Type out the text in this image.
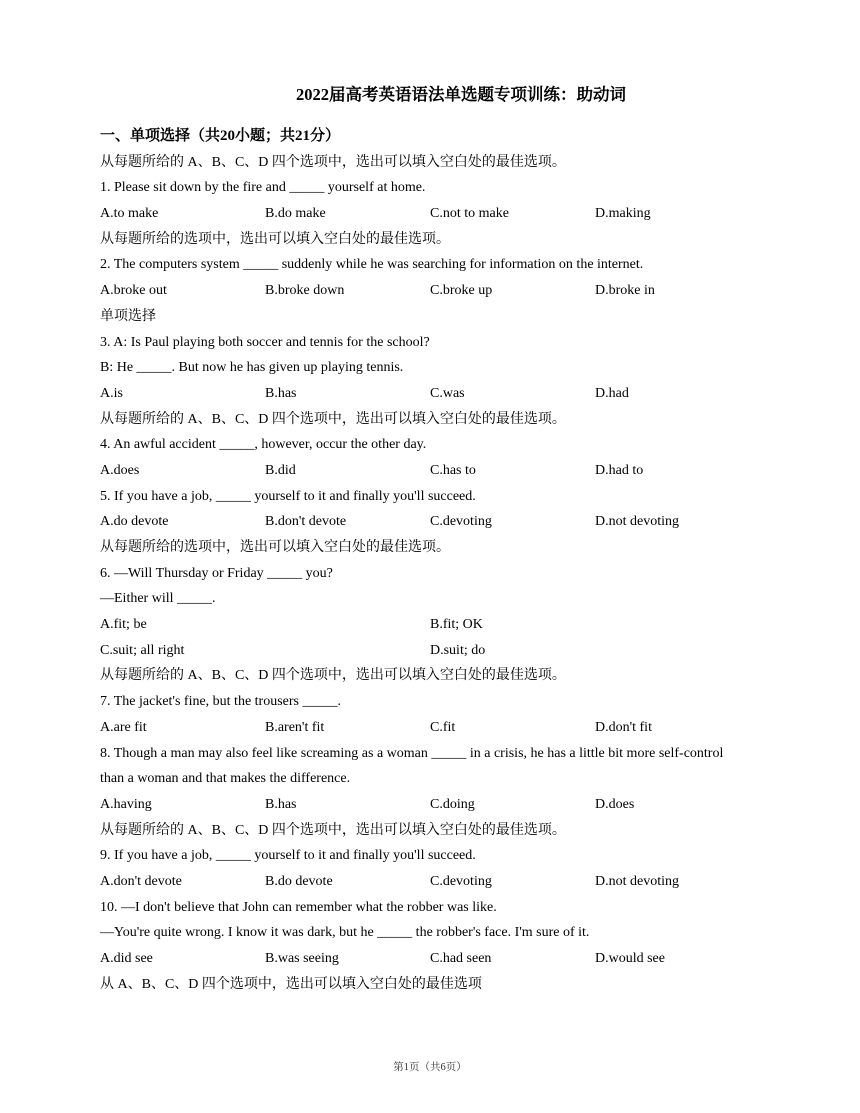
2022届高考英语语法单选题专项训练：助动词
一、单项选择（共20小题；共21分）
从每题所给的 A、B、C、D 四个选项中，选出可以填入空白处的最佳选项。
1. Please sit down by the fire and _____ yourself at home.
A.to make	B.do make	C.not to make	D.making
从每题所给的选项中，选出可以填入空白处的最佳选项。
2. The computers system _____ suddenly while he was searching for information on the internet.
A.broke out	B.broke down	C.broke up	D.broke in
单项选择
3. A: Is Paul playing both soccer and tennis for the school?
B: He _____. But now he has given up playing tennis.
A.is	B.has	C.was	D.had
从每题所给的 A、B、C、D 四个选项中，选出可以填入空白处的最佳选项。
4. An awful accident _____, however, occur the other day.
A.does	B.did	C.has to	D.had to
5. If you have a job, _____ yourself to it and finally you'll succeed.
A.do devote	B.don't devote	C.devoting	D.not devoting
从每题所给的选项中，选出可以填入空白处的最佳选项。
6. —Will Thursday or Friday _____ you?
—Either will _____.
A.fit; be	B.fit; OK
C.suit; all right	D.suit; do
从每题所给的 A、B、C、D 四个选项中，选出可以填入空白处的最佳选项。
7. The jacket's fine, but the trousers _____.
A.are fit	B.aren't fit	C.fit	D.don't fit
8. Though a man may also feel like screaming as a woman _____ in a crisis, he has a little bit more self-control
than a woman and that makes the difference.
A.having	B.has	C.doing	D.does
从每题所给的 A、B、C、D 四个选项中，选出可以填入空白处的最佳选项。
9. If you have a job, _____ yourself to it and finally you'll succeed.
A.don't devote	B.do devote	C.devoting	D.not devoting
10. —I don't believe that John can remember what the robber was like.
—You're quite wrong. I know it was dark, but he _____ the robber's face. I'm sure of it.
A.did see	B.was seeing	C.had seen	D.would see
从 A、B、C、D 四个选项中，选出可以填入空白处的最佳选项
第1页（共6页）
